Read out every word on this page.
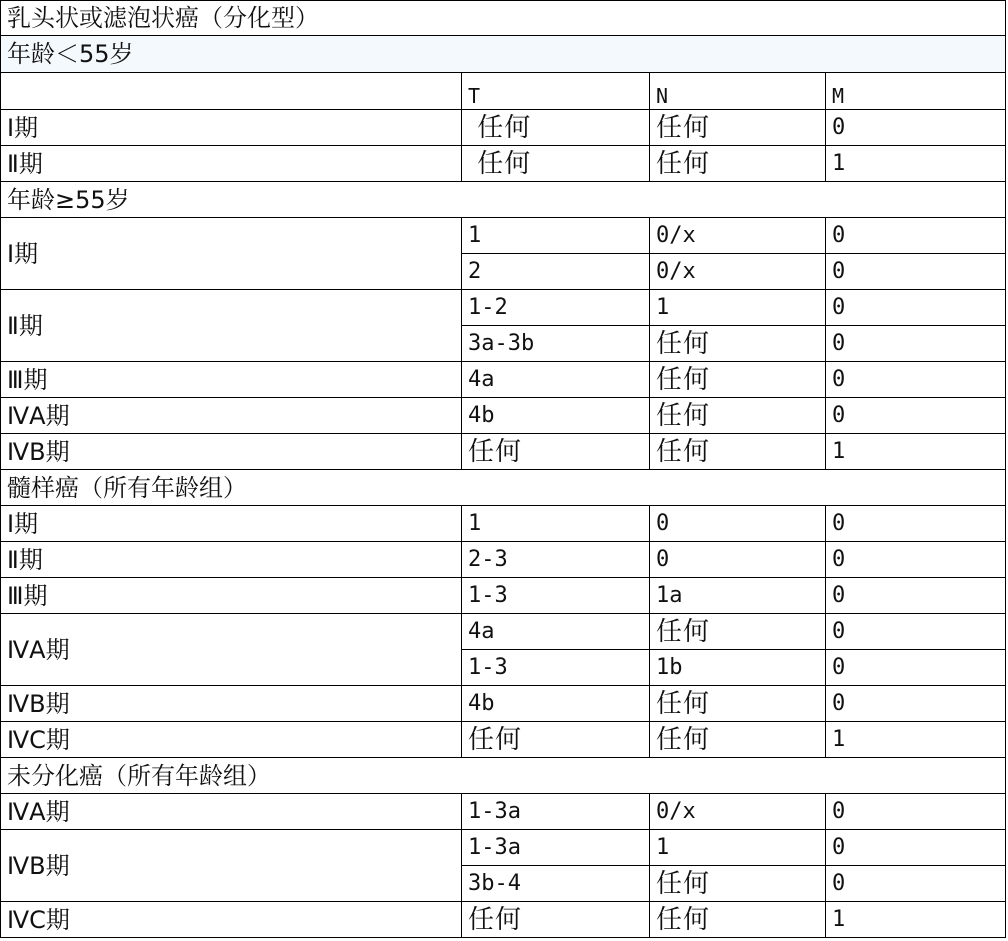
乳头状或滤泡状癌（分化型）			
年龄＜55岁			
	T	N	M
Ⅰ期	任何	任何	0
Ⅱ期	任何	任何	1
年龄≥55岁			
Ⅰ期	1	0/x	0
	2	0/x	0
Ⅱ期	1-2	1	0
	3a-3b	任何	0
Ⅲ期	4a	任何	0
ⅣA期	4b	任何	0
ⅣB期	任何	任何	1
髓样癌（所有年龄组）			
Ⅰ期	1	0	0
Ⅱ期	2-3	0	0
Ⅲ期	1-3	1a	0
ⅣA期	4a	任何	0
	1-3	1b	0
ⅣB期	4b	任何	0
ⅣC期	任何	任何	1
未分化癌（所有年龄组）			
ⅣA期	1-3a	0/x	0
ⅣB期	1-3a	1	0
	3b-4	任何	0
ⅣC期	任何	任何	1
